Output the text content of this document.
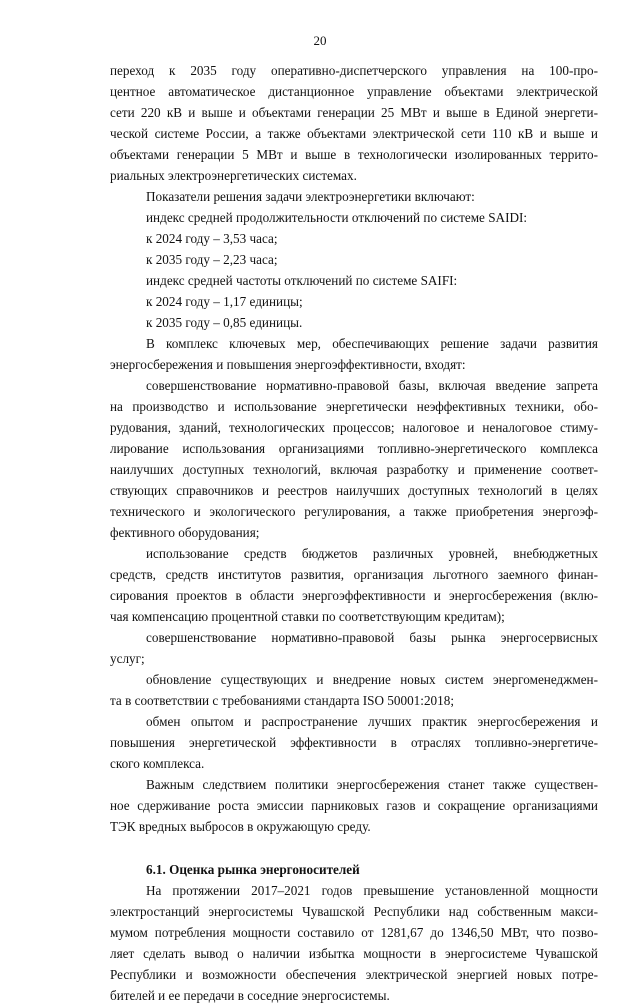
20
переход к 2035 году оперативно-диспетчерского управления на 100-про-
центное автоматическое дистанционное управление объектами электрической
сети 220 кВ и выше и объектами генерации 25 МВт и выше в Единой энергети-
ческой системе России, а также объектами электрической сети 110 кВ и выше и
объектами генерации 5 МВт и выше в технологически изолированных террито-
риальных электроэнергетических системах.
Показатели решения задачи электроэнергетики включают:
индекс средней продолжительности отключений по системе SAIDI:
к 2024 году – 3,53 часа;
к 2035 году – 2,23 часа;
индекс средней частоты отключений по системе SAIFI:
к 2024 году – 1,17 единицы;
к 2035 году – 0,85 единицы.
В комплекс ключевых мер, обеспечивающих решение задачи развития
энергосбережения и повышения энергоэффективности, входят:
совершенствование нормативно-правовой базы, включая введение запрета
на производство и использование энергетически неэффективных техники, обо-
рудования, зданий, технологических процессов; налоговое и неналоговое стиму-
лирование использования организациями топливно-энергетического комплекса
наилучших доступных технологий, включая разработку и применение соответ-
ствующих справочников и реестров наилучших доступных технологий в целях
технического и экологического регулирования, а также приобретения энергоэф-
фективного оборудования;
использование средств бюджетов различных уровней, внебюджетных
средств, средств институтов развития, организация льготного заемного финан-
сирования проектов в области энергоэффективности и энергосбережения (вклю-
чая компенсацию процентной ставки по соответствующим кредитам);
совершенствование нормативно-правовой базы рынка энергосервисных
услуг;
обновление существующих и внедрение новых систем энергоменеджмен-
та в соответствии с требованиями стандарта ISO 50001:2018;
обмен опытом и распространение лучших практик энергосбережения и
повышения энергетической эффективности в отраслях топливно-энергетиче-
ского комплекса.
Важным следствием политики энергосбережения станет также существен-
ное сдерживание роста эмиссии парниковых газов и сокращение организациями
ТЭК вредных выбросов в окружающую среду.
6.1. Оценка рынка энергоносителей
На протяжении 2017–2021 годов превышение установленной мощности
электростанций энергосистемы Чувашской Республики над собственным макси-
мумом потребления мощности составило от 1281,67 до 1346,50 МВт, что позво-
ляет сделать вывод о наличии избытка мощности в энергосистеме Чувашской
Республики и возможности обеспечения электрической энергией новых потре-
бителей и ее передачи в соседние энергосистемы.
